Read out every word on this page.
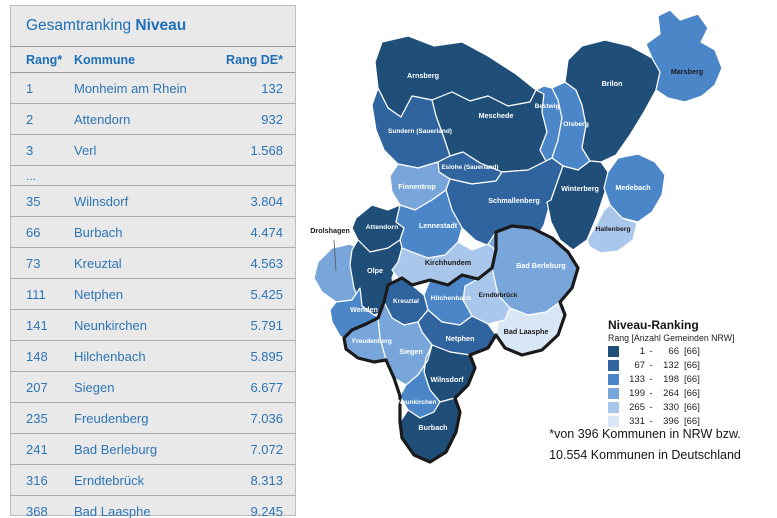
Gesamtranking Niveau
Rang* Kommune	Rang DE*
1	Monheim am Rhein	132
2	Attendorn	932
3	Verl	1.568
...
35	Wilnsdorf	3.804
66	Burbach	4.474
73	Kreuztal	4.563
111	Netphen	5.425
141	Neunkirchen	5.791
148	Hilchenbach	5.895
207	Siegen	6.677
235	Freudenberg	7.036
241	Bad Berleburg	7.072
316	Erndtebrück	8.313
368	Bad Laasphe	9.245
Arnsberg
Meschede
Bestwig
Olsberg
Brilon
Marsberg
Sundern (Sauerland)
Eslohe (Sauerland)
Finnentrop
Schmallenberg
Winterberg Medebach
Hallenberg
Drolshagen Attendorn	Lennestadt
Olpe
Kirchhundem
Wenden
Bad Berleburg
Erndtebrück
Bad Laasphe
Hilchenbach
Kreuztal
Netphen
Siegen
Freudenberg
Wilnsdorf
Neunkirchen
Burbach
Niveau-Ranking
Rang [Anzahl Gemeinden NRW]
1 -	66 [66]
67 -	132 [66]
133 -	198 [66]
199 -	264 [66]
265 -	330 [66]
331 -	396 [66]
*von 396 Kommunen in NRW bzw.
10.554 Kommunen in Deutschland
